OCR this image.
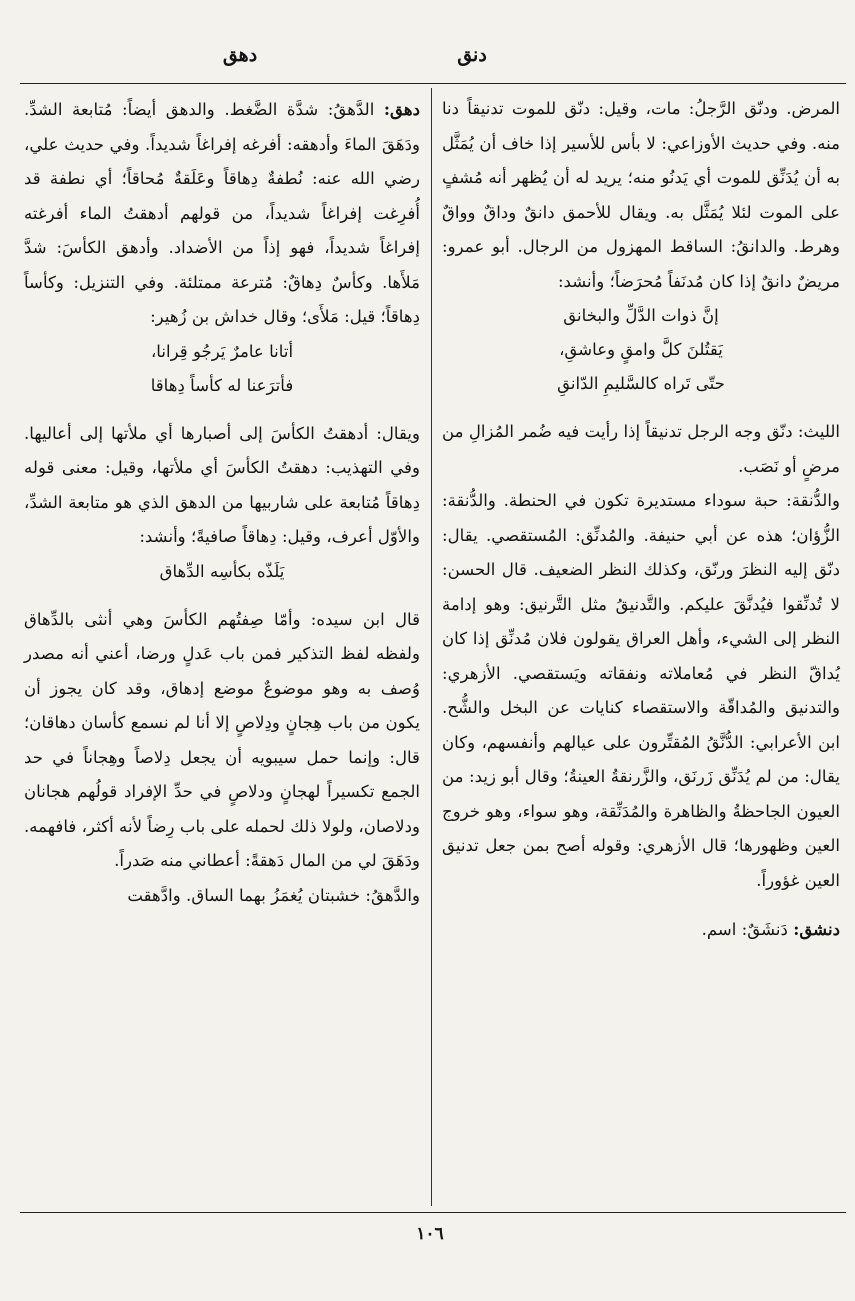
دنق
دهق

المرض. ودنّق الرَّجلُ: مات، وقيل: دنّق للموت تدنيقاً دنا منه. وفي حديث الأوزاعي: لا بأس للأسير إذا خاف أن يُمَثَّل به أن يُدَنِّق للموت أي يَدنُو منه؛ يريد له أن يُظهر أنه مُشفٍ على الموت لئلا يُمَثَّل به. ويقال للأحمق دانقٌ وداقٌ وواقٌ وهرط. والدانقُ: الساقط المهزول من الرجال. أبو عمرو: مريضٌ دانقٌ إذا كان مُدنَفاً مُحرَضاً؛ وأنشد:

إنَّ ذوات الدَّلِّ والبخانق

يَقتُلنَ كلَّ وامقٍ وعاشقِ،

حتّى تَراه كالسَّليمِ الدّانقِ

الليث: دنّق وجه الرجل تدنيقاً إذا رأيت فيه ضُمر المُزالِ من مرضٍ أو نَصَب.

والدُّنقة: حبة سوداء مستديرة تكون في الحنطة. والدُّنقة: الزُّؤان؛ هذه عن أبي حنيفة. والمُدنِّق: المُستقصي. يقال: دنّق إليه النظرَ ورنّق، وكذلك النظر الضعيف. قال الحسن: لا تُدنِّقوا فيُدنَّقَ عليكم. والتَّدنيقُ مثل التَّرنيق: وهو إدامة النظر إلى الشيء، وأهل العراق يقولون فلان مُدنِّق إذا كان يُداقّ النظر في مُعاملاته ونفقاته ويَستقصي. الأزهري: والتدنيق والمُداقّة والاستقصاء كنايات عن البخل والشُّح. ابن الأعرابي: الدُّنَّقُ المُقتِّرون على عيالهم وأنفسهم، وكان يقال: من لم يُدَنِّق زَرنَق، والزَّرنقةُ العينةُ؛ وقال أبو زيد: من العيون الجاحظةُ والظاهرة والمُدَنِّقة، وهو سواء، وهو خروج العين وظهورها؛ قال الأزهري: وقوله أصح بمن جعل تدنيق العين غؤوراً.

دنشق: دَنشَقٌ: اسم.

دهق: الدَّهقُ: شدَّة الضَّغط. والدهق أيضاً: مُتابعة الشدِّ. ودَهَقَ الماءَ وأدهقه: أفرغه إفراغاً شديداً. وفي حديث علي، رضي الله عنه: نُطفةٌ دِهاقاً وعَلَقةٌ مُحاقاً؛ أي نطفة قد أُفرِغت إفراغاً شديداً، من قولهم أدهقتُ الماء أفرغته إفراغاً شديداً، فهو إذاً من الأضداد. وأدهق الكأسَ: شدَّ مَلأَها. وكأسٌ دِهاقٌ: مُترعة ممتلئة. وفي التنزيل: وكأساً دِهاقاً؛ قيل: مَلأَى؛ وقال خداش بن زُهير:

أتانا عامرٌ يَرجُو قِرانا،

فأترَعنا له كأساً دِهاقا

ويقال: أدهقتُ الكأسَ إلى أصبارها أي ملأتها إلى أعاليها. وفي التهذيب: دهقتُ الكأسَ أي ملأتها، وقيل: معنى قوله دِهاقاً مُتابعة على شاربيها من الدهق الذي هو متابعة الشدِّ، والأوّل أعرف، وقيل: دِهاقاً صافيةً؛ وأنشد:

يَلَذّه بكأسِه الدِّهاق

قال ابن سيده: وأمّا صِفتُهم الكأسَ وهي أنثى بالدِّهاق ولفظه لفظ التذكير فمن باب عَدلٍ ورضا، أعني أنه مصدر وُصف به وهو موضوعٌ موضع إدهاق، وقد كان يجوز أن يكون من باب هِجانٍ ودِلاصٍ إلا أنا لم نسمع كأسان دهاقان؛ قال: وإنما حمل سيبويه أن يجعل دِلاصاً وهِجاناً في حد الجمع تكسيراً لهجانٍ ودلاصٍ في حدِّ الإفراد قولُهم هجانان ودلاصان، ولولا ذلك لحمله على باب رِضاً لأنه أكثر، فافهمه. ودَهَقَ لي من المال دَهقةً: أعطاني منه صَدراً.

والدَّهقُ: خشبتان يُغمَزُ بهما الساق. وادَّهقت

١٠٦
